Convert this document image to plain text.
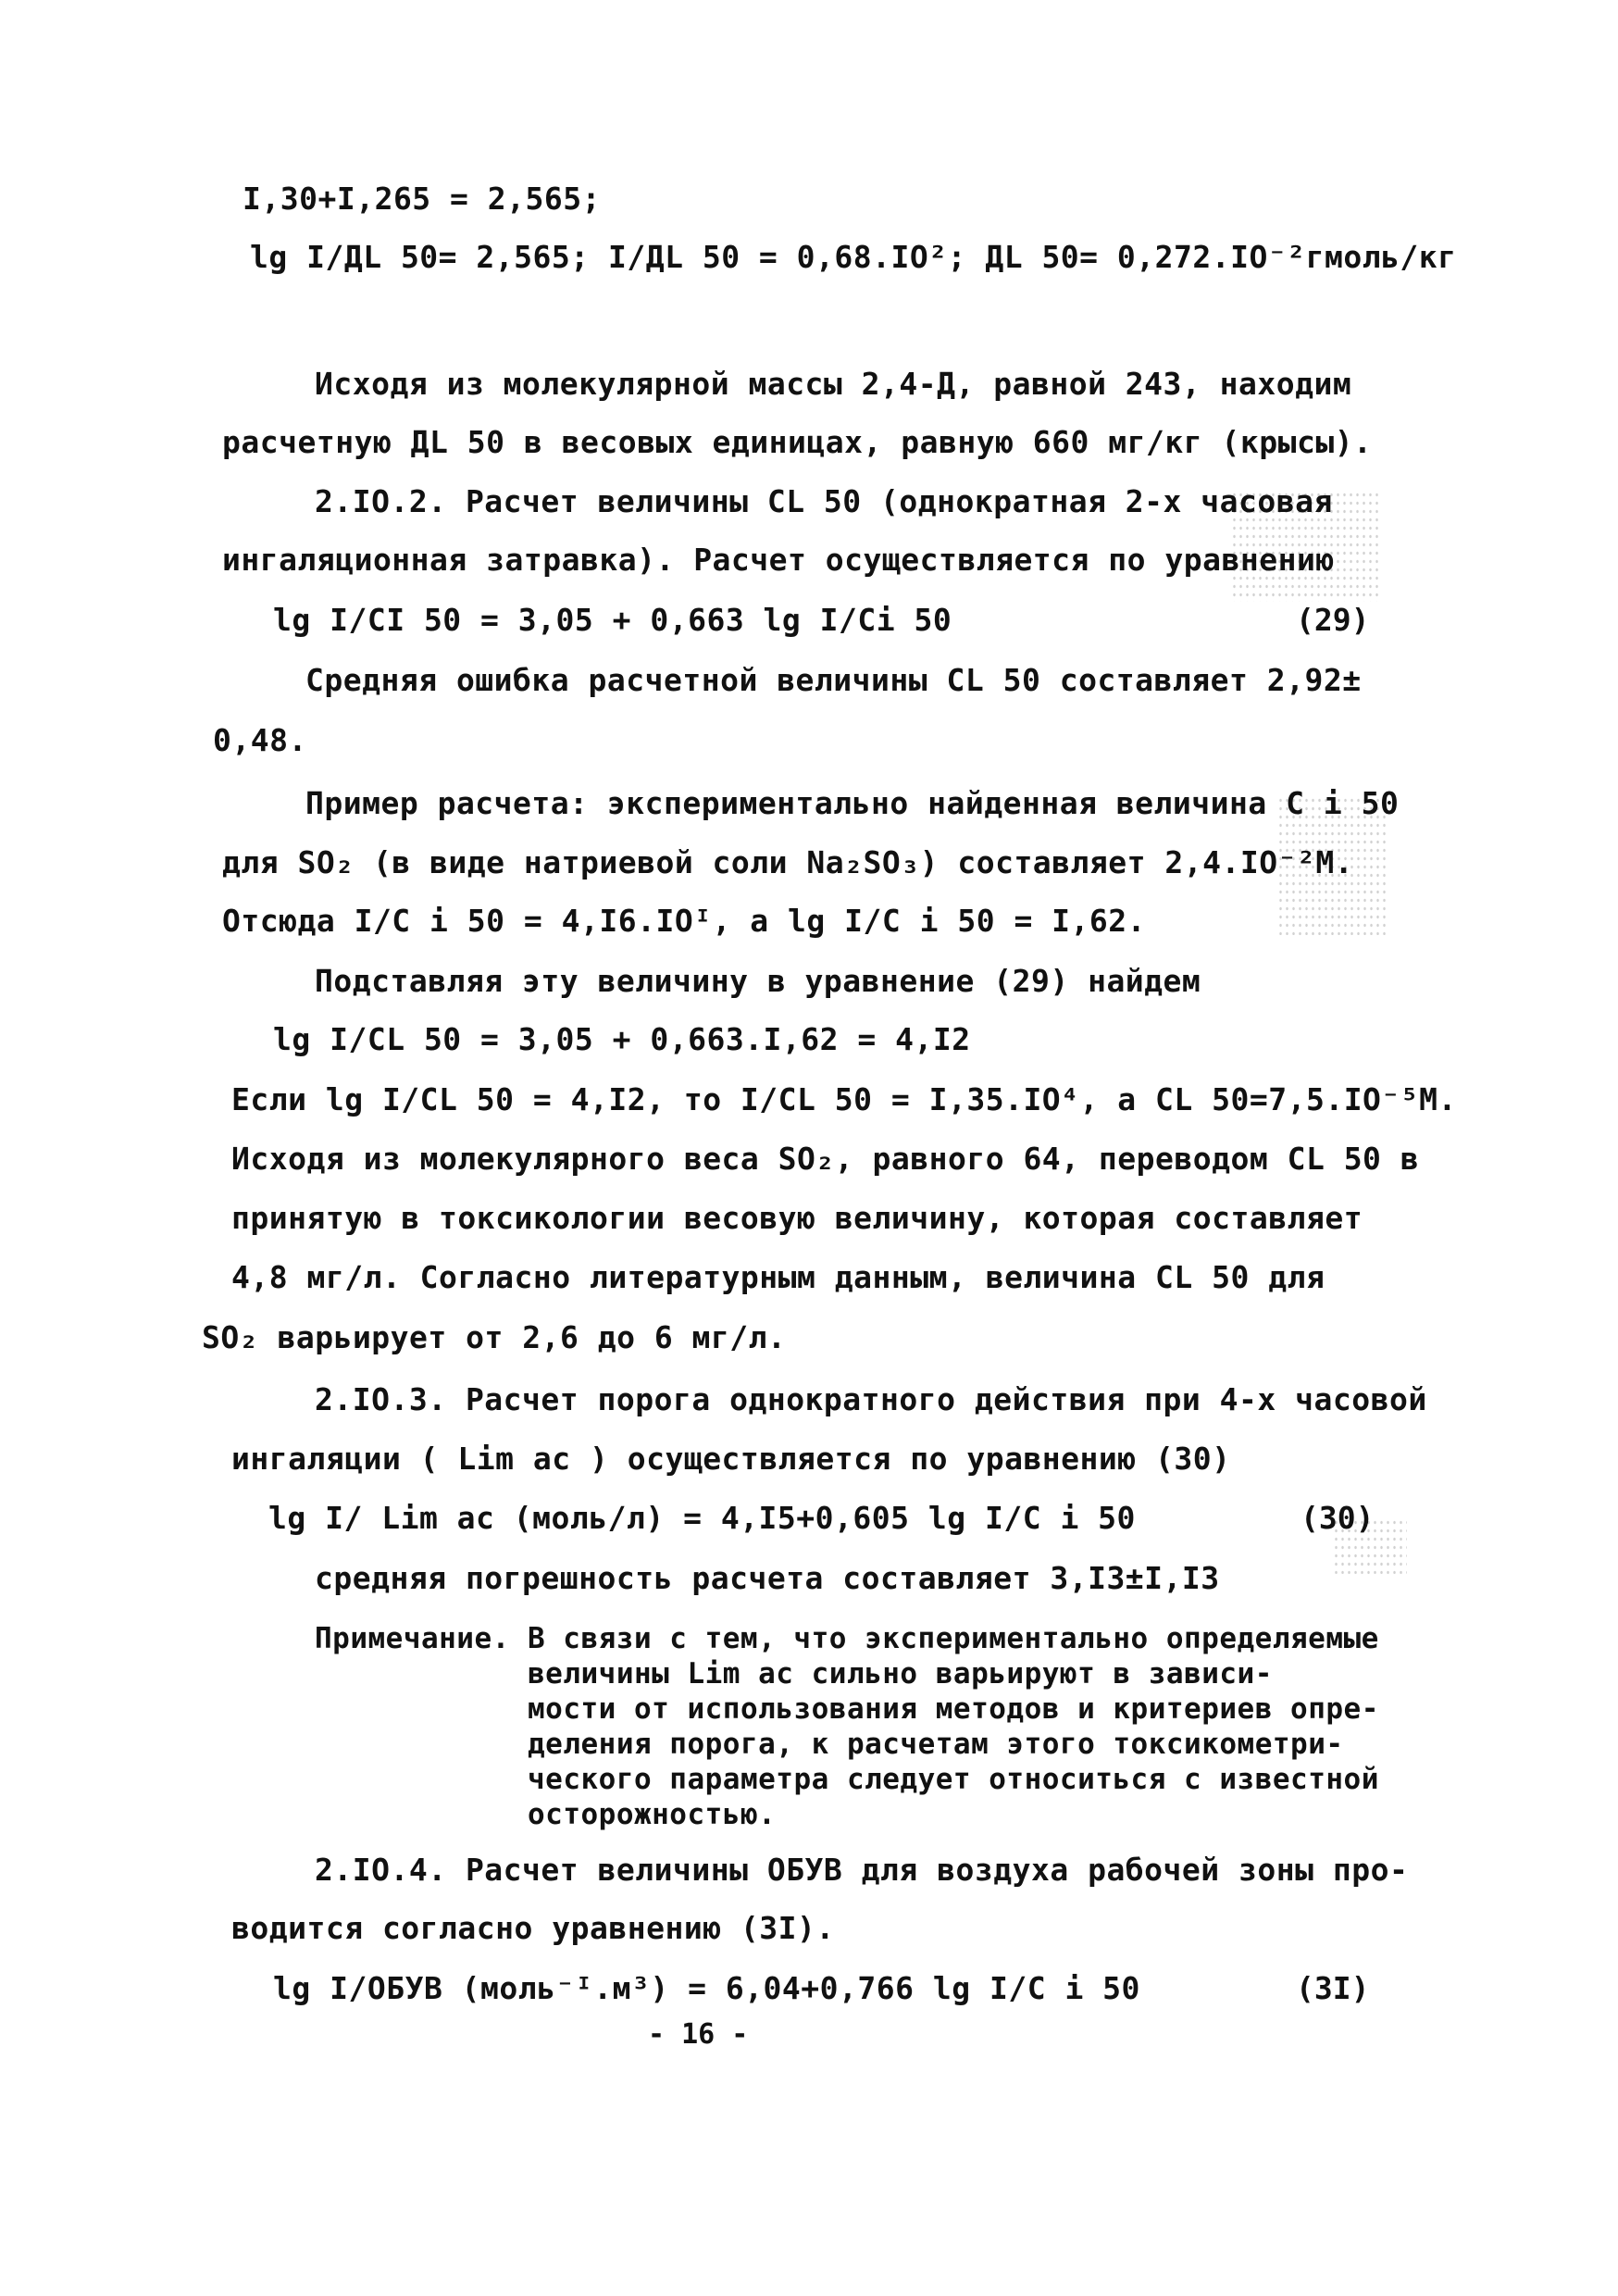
I,30+I,265 = 2,565;
lg I/ДL 50= 2,565; I/ДL 50 = 0,68.IO²; ДL 50= 0,272.IO⁻²гмоль/кг
Исходя из молекулярной массы 2,4-Д, равной 243, находим
расчетную ДL 50 в весовых единицах, равную 660 мг/кг (крысы).
2.IO.2. Расчет величины CL 50 (однократная 2-х часовая
ингаляционная затравка). Расчет осуществляется по уравнению
lg I/CI 50 = 3,05 + 0,663 lg I/Ci 50	(29)
Средняя ошибка расчетной величины CL 50 составляет 2,92±
0,48.
Пример расчета: экспериментально найденная величина C i 50
для SO₂ (в виде натриевой соли Na₂SO₃) составляет 2,4.IO⁻²М.
Отсюда I/C i 50 = 4,I6.IOᴵ, а lg I/C i 50 = I,62.
Подставляя эту величину в уравнение (29) найдем
lg I/CL 50 = 3,05 + 0,663.I,62 = 4,I2
Если lg I/CL 50 = 4,I2, то I/CL 50 = I,35.IO⁴, а CL 50=7,5.IO⁻⁵М.
Исходя из молекулярного веса SO₂, равного 64, переводом CL 50 в
принятую в токсикологии весовую величину, которая составляет
4,8 мг/л. Согласно литературным данным, величина CL 50 для
SO₂ варьирует от 2,6 до 6 мг/л.
2.IO.3. Расчет порога однократного действия при 4-х часовой
ингаляции ( Lim ac ) осуществляется по уравнению (30)
lg I/ Lim ac (моль/л) = 4,I5+0,605 lg I/C i 50	(30)
средняя погрешность расчета составляет 3,I3±I,I3
Примечание. В связи с тем, что экспериментально определяемые
величины Lim ac сильно варьируют в зависи-
мости от использования методов и критериев опре-
деления порога, к расчетам этого токсикометри-
ческого параметра следует относиться с известной
осторожностью.
2.IO.4. Расчет величины ОБУВ для воздуха рабочей зоны про-
водится согласно уравнению (3I).
lg I/ОБУВ (моль⁻ᴵ.м³) = 6,04+0,766 lg I/C i 50	(3I)
- 16 -
